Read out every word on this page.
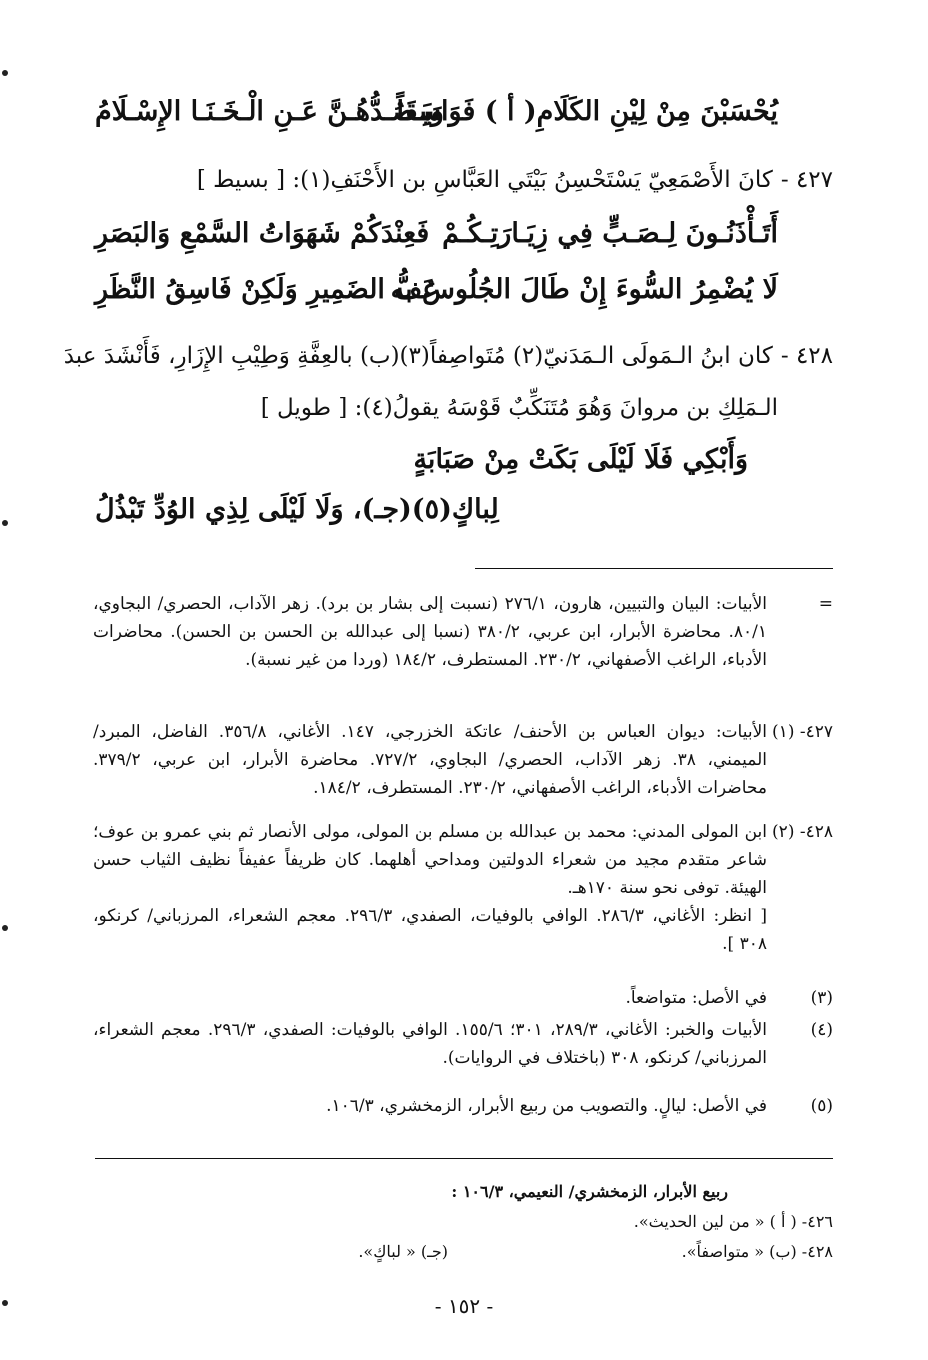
يُحْسَبْنَ مِنْ لِيْنِ الكَلَامِ( أ ) فَوَاسِقَاً
وَيَـصُـدُّهُـنَّ عَـنِ الْـخَـنَـا الإِسْـلَامُ
٤٢٧ -كانَ الأَصْمَعِيّ يَسْتَحْسِنُ بَيْتَي العَبَّاسِ بن الأَحْنَفِ(١): [ بسيط ]
أَتَـأْذَنُـونَ لِـصَـبٍّ فِي زِيَـارَتِـكُـمْ
فَعِنْدَكُمْ شَهَوَاتُ السَّمْعِ وَالبَصَرِ
لَا يُضْمِرُ السُّوءَ إِنْ طَالَ الجُلُوسُ به
عَفُّ الضَمِيرِ وَلَكِنْ فَاسِقُ النَّظَرِ
٤٢٨ -كان ابنُ الـمَولَى الـمَدَنيّ(٢) مُتَواصِفاً(٣)(ب) بالعِفَّةِ وَطِيْبِ الإِزَارِ، فَأَنْشَدَ عبدَ
الـمَلِكِ بن مروانَ وَهُوَ مُتَنَكِّبٌ قَوْسَهُ يقولُ(٤): [ طويل ]
وَأَبْكِي فَلَا لَيْلَى بَكَتْ مِنْ صَبَابَةٍ
لِباكٍ(٥)(جـ)، وَلَا لَيْلَى لِذِي الوُدِّ تَبْذُلُ
=
الأبيات: البيان والتبيين، هارون، ٢٧٦/١ (نسبت إلى بشار بن برد). زهر الآداب، الحصري/ البجاوي، ٨٠/١. محاضرة الأبرار، ابن عربي، ٣٨٠/٢ (نسبا إلى عبدالله بن الحسن بن الحسن). محاضرات الأدباء، الراغب الأصفهاني، ٢٣٠/٢. المستطرف، ١٨٤/٢ (وردا من غير نسبة).
٤٢٧- (١)
الأبيات: ديوان العباس بن الأحنف/ عاتكة الخزرجي، ١٤٧. الأغاني، ٣٥٦/٨. الفاضل، المبرد/ الميمني، ٣٨. زهر الآداب، الحصري/ البجاوي، ٧٢٧/٢. محاضرة الأبرار، ابن عربي، ٣٧٩/٢. محاضرات الأدباء، الراغب الأصفهاني، ٢٣٠/٢. المستطرف، ١٨٤/٢.
٤٢٨- (٢)
ابن المولى المدني: محمد بن عبدالله بن مسلم بن المولى، مولى الأنصار ثم بني عمرو بن عوف؛ شاعر متقدم مجيد من شعراء الدولتين ومداحي أهلهما. كان ظريفاً عفيفاً نظيف الثياب حسن الهيئة. توفى نحو سنة ١٧٠هـ.
[ انظر: الأغاني، ٢٨٦/٣. الوافي بالوفيات، الصفدي، ٢٩٦/٣. معجم الشعراء، المرزباني/ كرنكو، ٣٠٨ ].
(٣)
في الأصل: متواضعاً.
(٤)
الأبيات والخبر: الأغاني، ٢٨٩/٣، ٣٠١؛ ١٥٥/٦. الوافي بالوفيات: الصفدي، ٢٩٦/٣. معجم الشعراء، المرزباني/ كرنكو، ٣٠٨ (باختلاف في الروايات).
(٥)
في الأصل: ليالٍ. والتصويب من ربيع الأبرار، الزمخشري، ١٠٦/٣.
ربيع الأبرار، الزمخشري/ النعيمي، ١٠٦/٣ :
٤٢٦- ( أ ) « من لين الحديث».
٤٢٨- (ب) « متواصفاً».
(جـ) « لباكٍ».
- ١٥٢ -
